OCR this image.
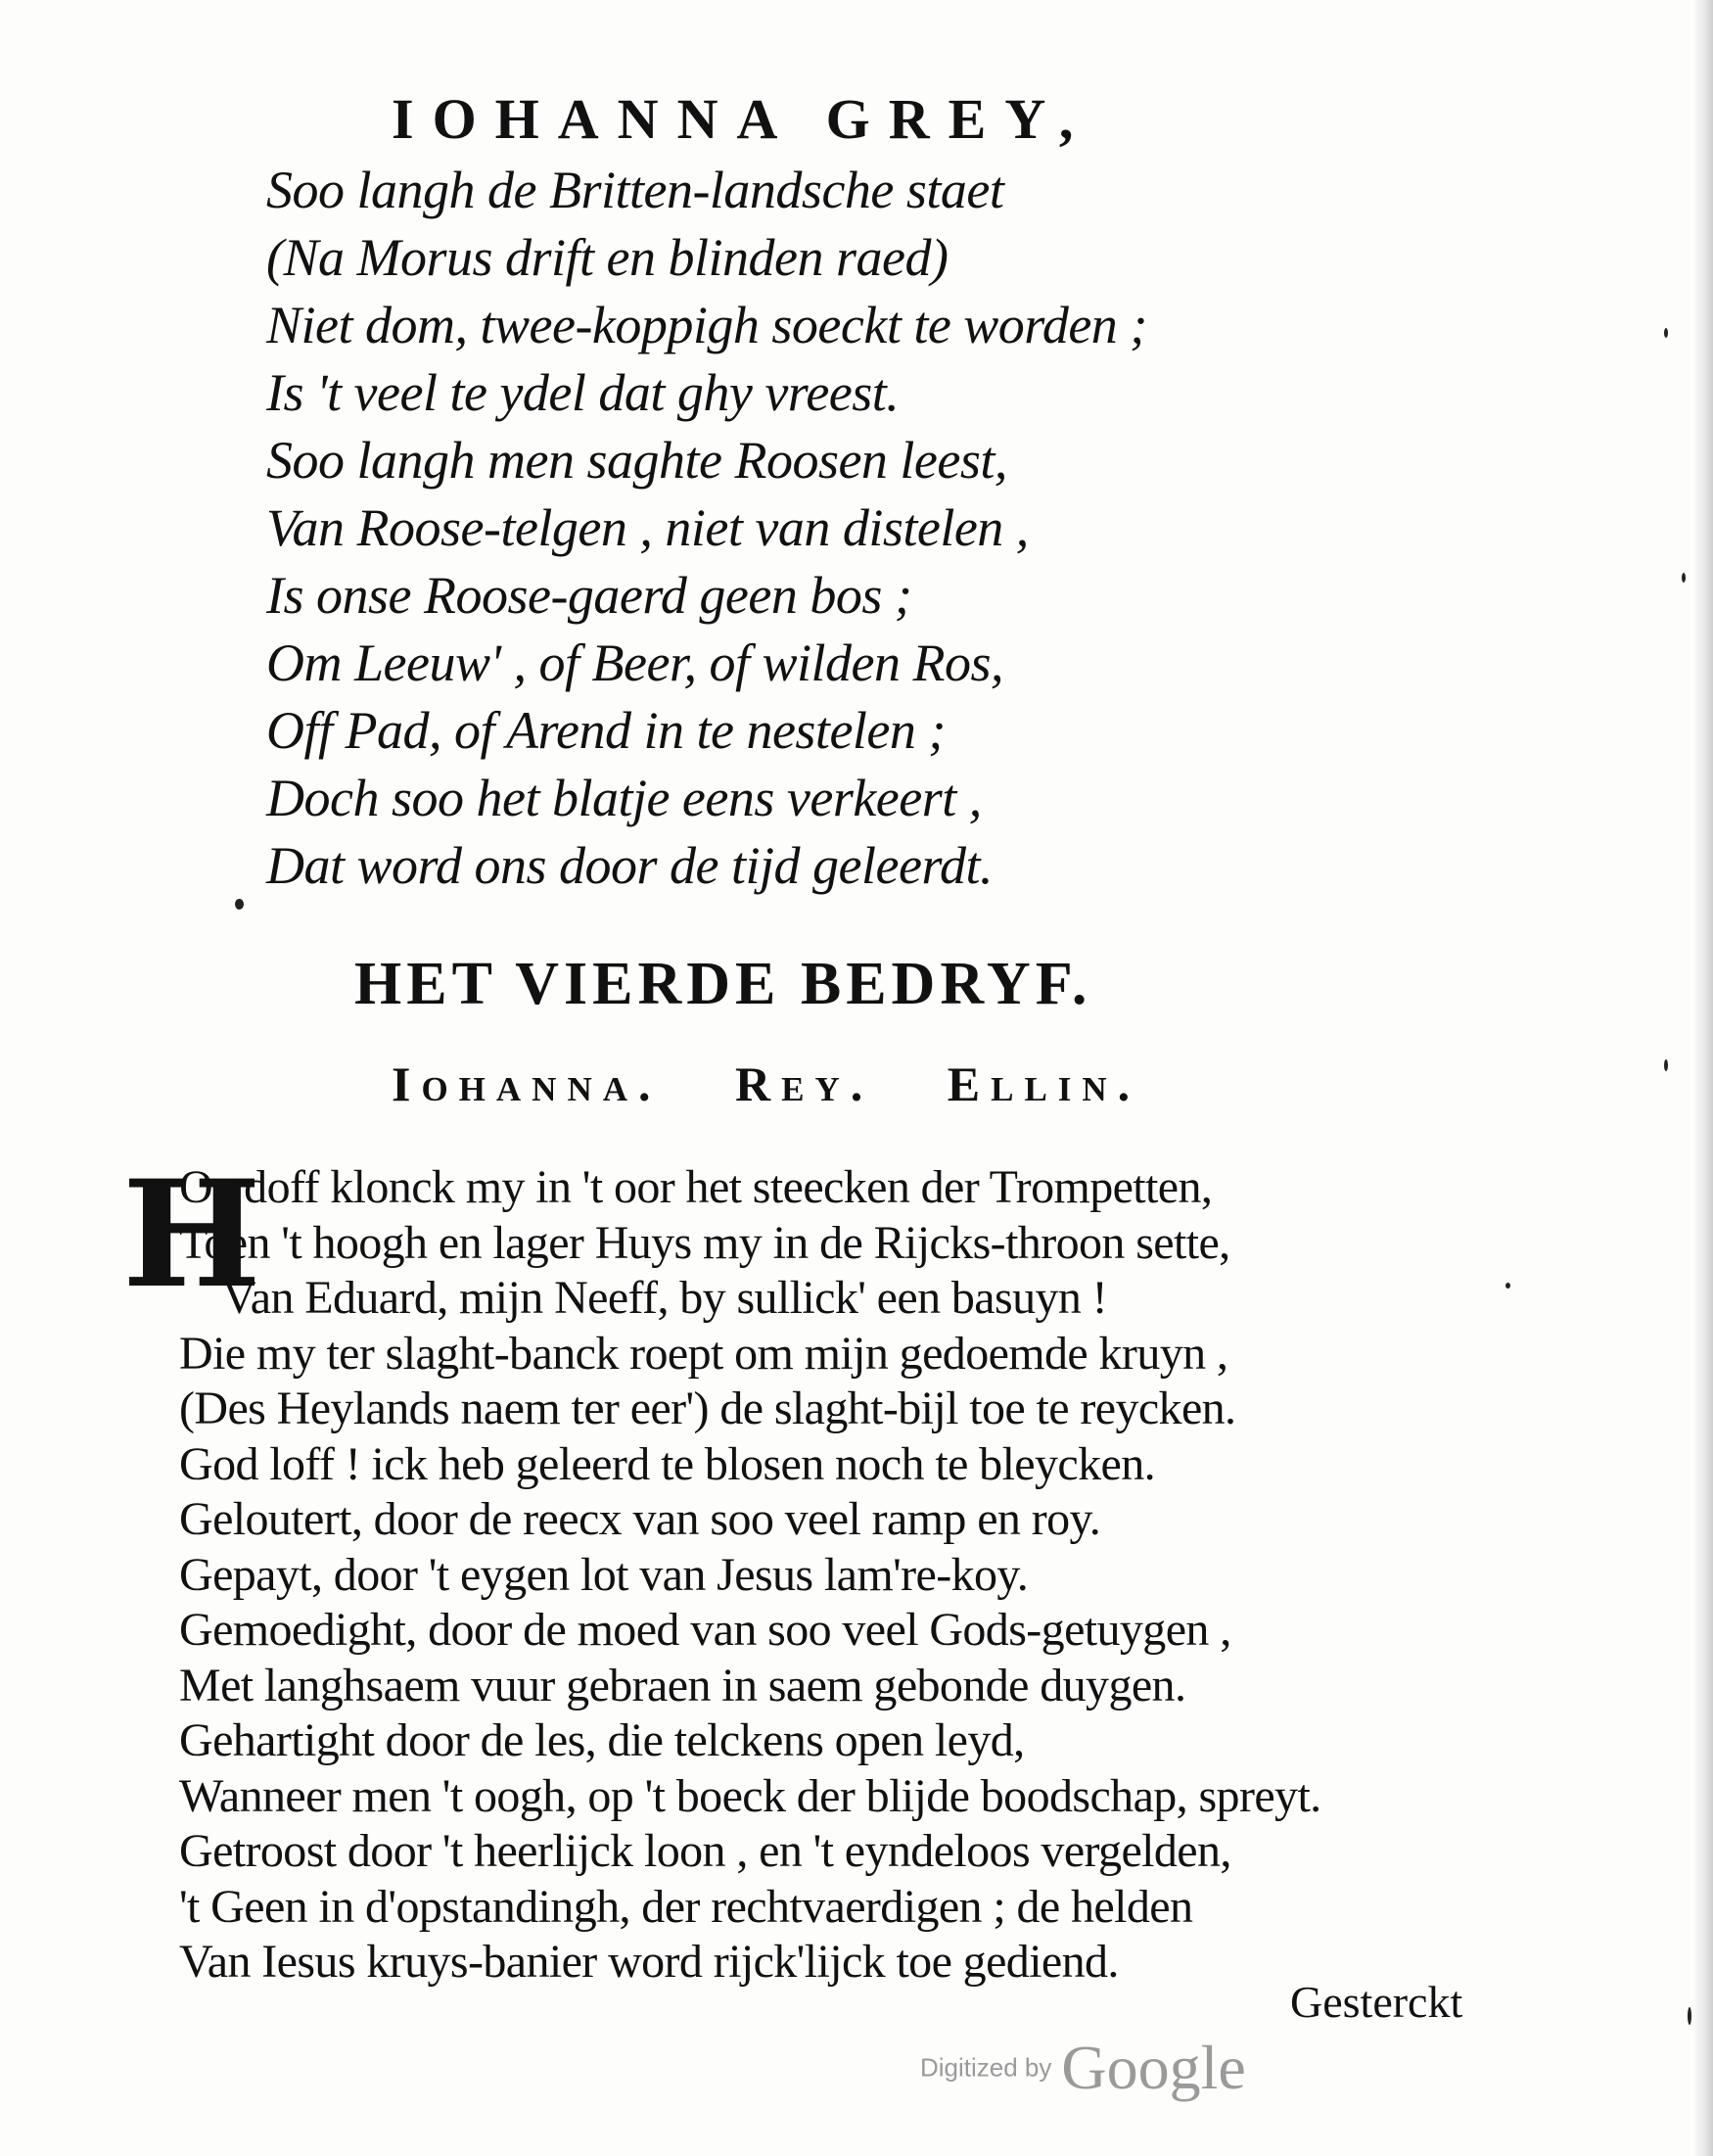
IOHANNA GREY,
Soo langh de Britten-landsche staet
(Na Morus drift en blinden raed)
Niet dom, twee-koppigh soeckt te worden ;
Is 't veel te ydel dat ghy vreest.
Soo langh men saghte Roosen leest,
Van Roose-telgen , niet van distelen ,
Is onse Roose-gaerd geen bos ;
Om Leeuw' , of Beer, of wilden Ros,
Off Pad, of Arend in te nestelen ;
Doch soo het blatje eens verkeert ,
Dat word ons door de tijd geleerdt.
HET VIERDE BEDRYF.
Iohanna. Rey. Ellin.
H
Oe doff klonck my in 't oor het steecken der Trompetten,
Toen 't hoogh en lager Huys my in de Rijcks-throon sette,
Van Eduard, mijn Neeff, by sullick' een basuyn !
Die my ter slaght-banck roept om mijn gedoemde kruyn ,
(Des Heylands naem ter eer') de slaght-bijl toe te reycken.
God loff ! ick heb geleerd te blosen noch te bleycken.
Geloutert, door de reecx van soo veel ramp en roy.
Gepayt, door 't eygen lot van Jesus lam're-koy.
Gemoedight, door de moed van soo veel Gods-getuygen ,
Met langhsaem vuur gebraen in saem gebonde duygen.
Gehartight door de les, die telckens open leyd,
Wanneer men 't oogh, op 't boeck der blijde boodschap, spreyt.
Getroost door 't heerlijck loon , en 't eyndeloos vergelden,
't Geen in d'opstandingh, der rechtvaerdigen ; de helden
Van Iesus kruys-banier word rijck'lijck toe gediend.
Gesterckt
Digitized by Google
